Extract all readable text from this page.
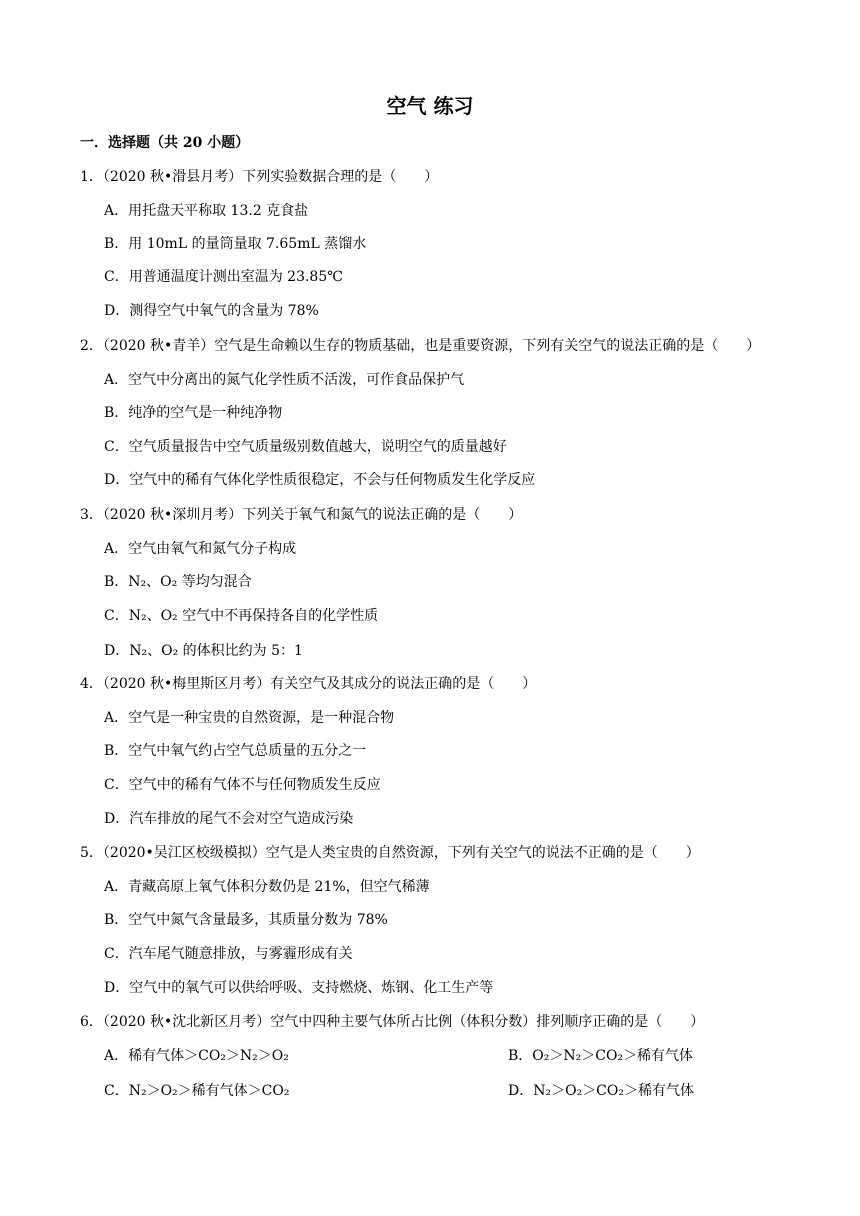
空气 练习
一．选择题（共 20 小题）
1．（2020 秋•滑县月考）下列实验数据合理的是（　　）
A．用托盘天平称取 13.2 克食盐
B．用 10mL 的量筒量取 7.65mL 蒸馏水
C．用普通温度计测出室温为 23.85℃
D．测得空气中氧气的含量为 78%
2．（2020 秋•青羊）空气是生命赖以生存的物质基础，也是重要资源，下列有关空气的说法正确的是（　　）
A．空气中分离出的氮气化学性质不活泼，可作食品保护气
B．纯净的空气是一种纯净物
C．空气质量报告中空气质量级别数值越大，说明空气的质量越好
D．空气中的稀有气体化学性质很稳定，不会与任何物质发生化学反应
3．（2020 秋•深圳月考）下列关于氧气和氮气的说法正确的是（　　）
A．空气由氧气和氮气分子构成
B．N₂、O₂ 等均匀混合
C．N₂、O₂ 空气中不再保持各自的化学性质
D．N₂、O₂ 的体积比约为 5：1
4．（2020 秋•梅里斯区月考）有关空气及其成分的说法正确的是（　　）
A．空气是一种宝贵的自然资源，是一种混合物
B．空气中氧气约占空气总质量的五分之一
C．空气中的稀有气体不与任何物质发生反应
D．汽车排放的尾气不会对空气造成污染
5．（2020•吴江区校级模拟）空气是人类宝贵的自然资源，下列有关空气的说法不正确的是（　　）
A．青藏高原上氧气体积分数仍是 21%，但空气稀薄
B．空气中氮气含量最多，其质量分数为 78%
C．汽车尾气随意排放，与雾霾形成有关
D．空气中的氧气可以供给呼吸、支持燃烧、炼钢、化工生产等
6．（2020 秋•沈北新区月考）空气中四种主要气体所占比例（体积分数）排列顺序正确的是（　　）
A．稀有气体＞CO₂＞N₂＞O₂	B．O₂＞N₂＞CO₂＞稀有气体
C．N₂＞O₂＞稀有气体＞CO₂	D．N₂＞O₂＞CO₂＞稀有气体
